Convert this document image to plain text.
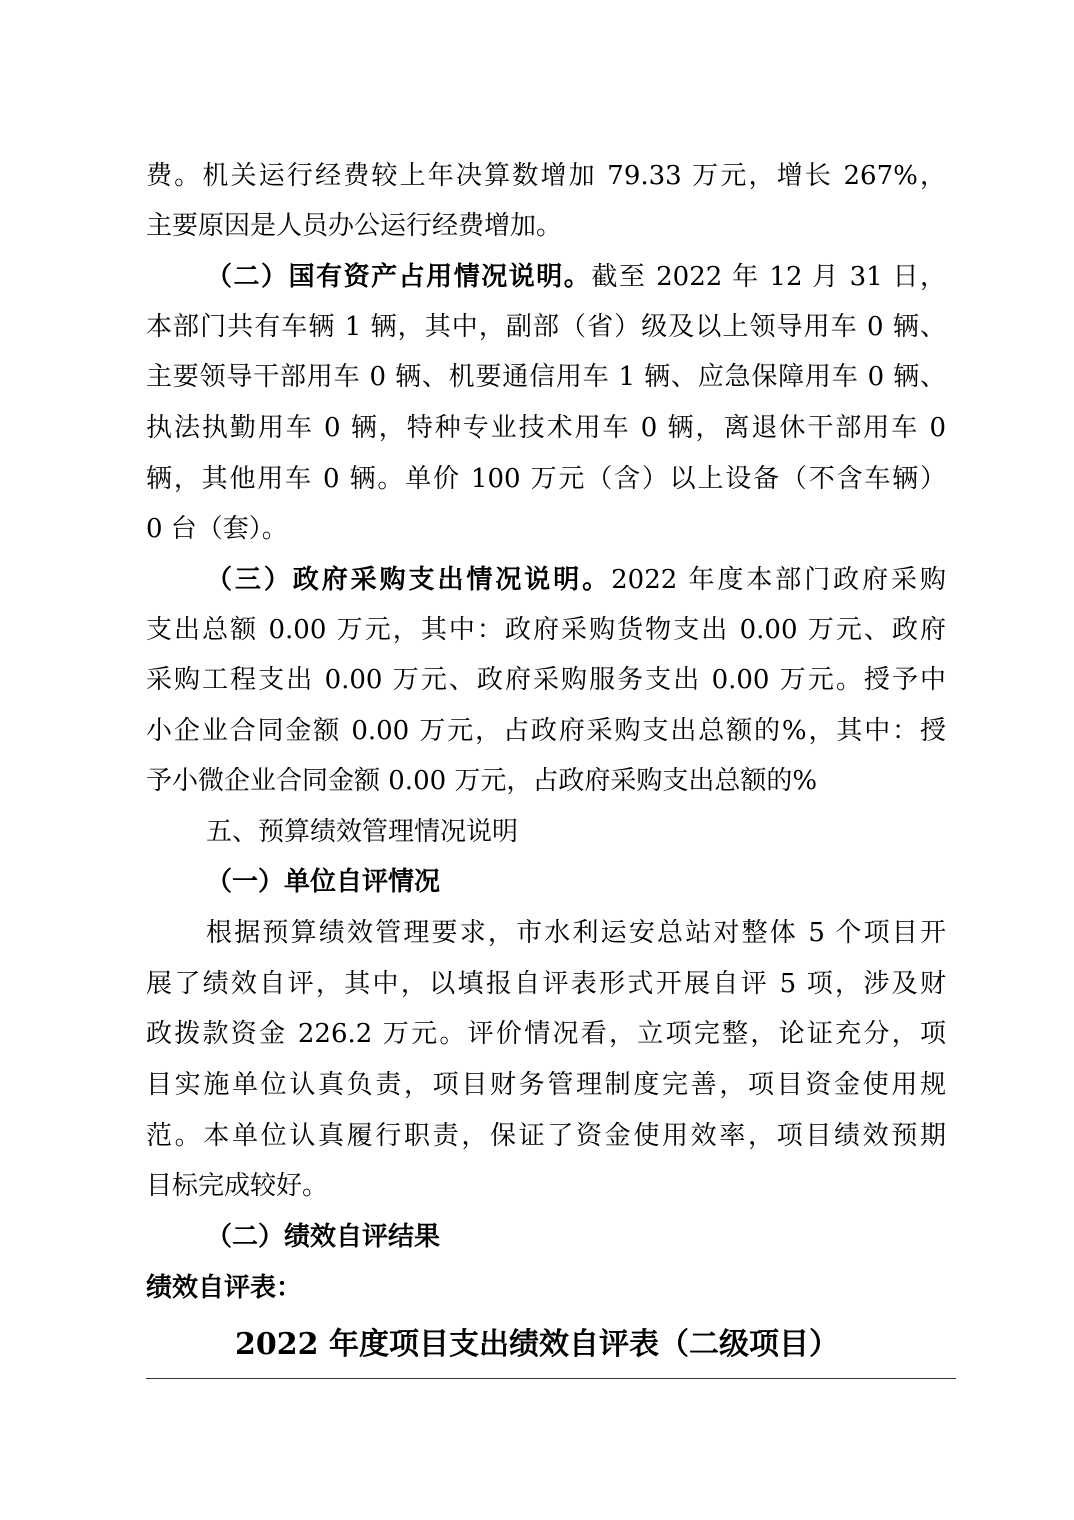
费。机关运行经费较上年决算数增加 79.33 万元，增长 267%，
主要原因是人员办公运行经费增加。
（二）国有资产占用情况说明。截至 2022 年 12 月 31 日，
本部门共有车辆 1 辆，其中，副部（省）级及以上领导用车 0 辆、
主要领导干部用车 0 辆、机要通信用车 1 辆、应急保障用车 0 辆、
执法执勤用车 0 辆，特种专业技术用车 0 辆，离退休干部用车 0
辆，其他用车 0 辆。单价 100 万元（含）以上设备（不含车辆）
0 台（套）。
（三）政府采购支出情况说明。2022 年度本部门政府采购
支出总额 0.00 万元，其中：政府采购货物支出 0.00 万元、政府
采购工程支出 0.00 万元、政府采购服务支出 0.00 万元。授予中
小企业合同金额 0.00 万元，占政府采购支出总额的%，其中：授
予小微企业合同金额 0.00 万元，占政府采购支出总额的%
五、预算绩效管理情况说明
（一）单位自评情况
根据预算绩效管理要求，市水利运安总站对整体 5 个项目开
展了绩效自评，其中，以填报自评表形式开展自评 5 项，涉及财
政拨款资金 226.2 万元。评价情况看，立项完整，论证充分，项
目实施单位认真负责，项目财务管理制度完善，项目资金使用规
范。本单位认真履行职责，保证了资金使用效率，项目绩效预期
目标完成较好。
（二）绩效自评结果
绩效自评表：
2022 年度项目支出绩效自评表（二级项目）
